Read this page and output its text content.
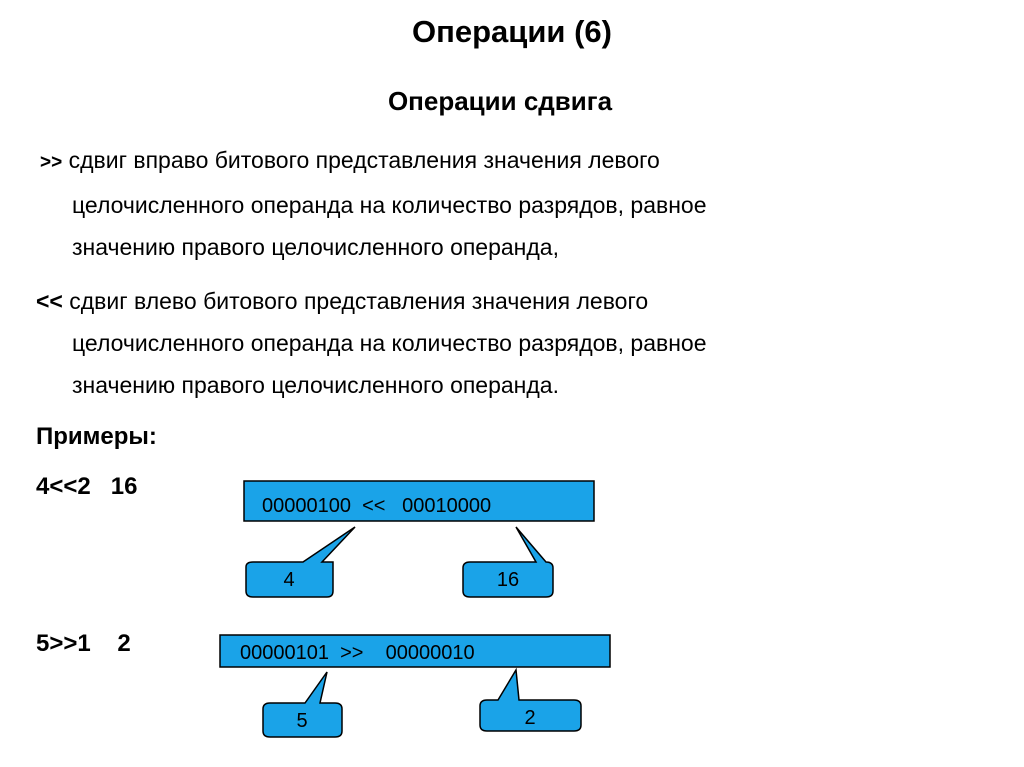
Операции (6)
Операции сдвига
>> сдвиг вправо битового представления значения левого
целочисленного операнда на количество разрядов, равное
значению правого целочисленного операнда,
<< сдвиг влево битового представления значения левого
целочисленного операнда на количество разрядов, равное
значению правого целочисленного операнда.
Примеры:
4<<2   16
5>>1    2
00000100  <<   00010000
4	16
00000101  >>    00000010
5	2
